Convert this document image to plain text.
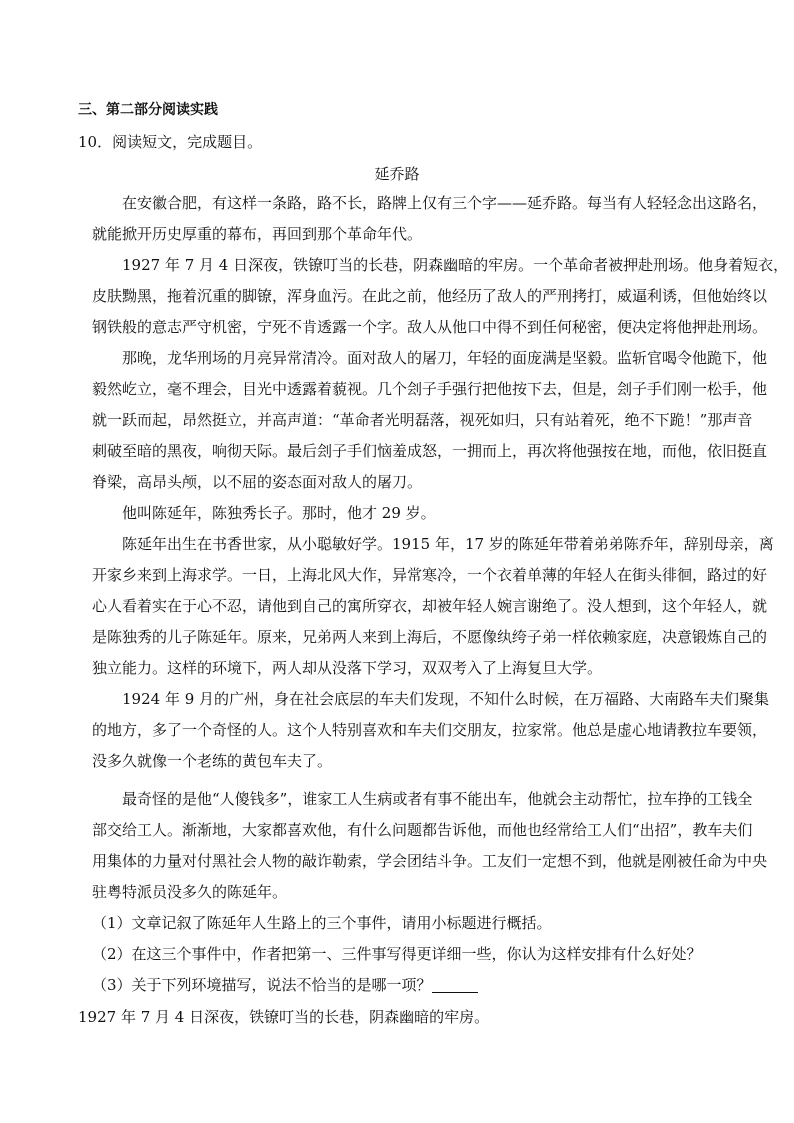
三、第二部分阅读实践

10．阅读短文，完成题目。

延乔路

在安徽合肥，有这样一条路，路不长，路牌上仅有三个字——延乔路。每当有人轻轻念出这路名，
就能掀开历史厚重的幕布，再回到那个革命年代。
1927 年 7 月 4 日深夜，铁镣叮当的长巷，阴森幽暗的牢房。一个革命者被押赴刑场。他身着短衣，
皮肤黝黑，拖着沉重的脚镣，浑身血污。在此之前，他经历了敌人的严刑拷打，威逼利诱，但他始终以
钢铁般的意志严守机密，宁死不肯透露一个字。敌人从他口中得不到任何秘密，便决定将他押赴刑场。
那晚，龙华刑场的月亮异常清冷。面对敌人的屠刀，年轻的面庞满是坚毅。监斩官喝令他跪下，他
毅然屹立，毫不理会，目光中透露着藐视。几个刽子手强行把他按下去，但是，刽子手们刚一松手，他
就一跃而起，昂然挺立，并高声道：“革命者光明磊落，视死如归，只有站着死，绝不下跪！”那声音
刺破至暗的黑夜，响彻天际。最后刽子手们恼羞成怒，一拥而上，再次将他强按在地，而他，依旧挺直
脊梁，高昂头颅，以不屈的姿态面对敌人的屠刀。
他叫陈延年，陈独秀长子。那时，他才 29 岁。
陈延年出生在书香世家，从小聪敏好学。1915 年，17 岁的陈延年带着弟弟陈乔年，辞别母亲，离
开家乡来到上海求学。一日，上海北风大作，异常寒冷，一个衣着单薄的年轻人在街头徘徊，路过的好
心人看着实在于心不忍，请他到自己的寓所穿衣，却被年轻人婉言谢绝了。没人想到，这个年轻人，就
是陈独秀的儿子陈延年。原来，兄弟两人来到上海后，不愿像纨绔子弟一样依赖家庭，决意锻炼自己的
独立能力。这样的环境下，两人却从没落下学习，双双考入了上海复旦大学。
1924 年 9 月的广州，身在社会底层的车夫们发现，不知什么时候，在万福路、大南路车夫们聚集
的地方，多了一个奇怪的人。这个人特别喜欢和车夫们交朋友，拉家常。他总是虚心地请教拉车要领，
没多久就像一个老练的黄包车夫了。
最奇怪的是他“人傻钱多”，谁家工人生病或者有事不能出车，他就会主动帮忙，拉车挣的工钱全
部交给工人。渐渐地，大家都喜欢他，有什么问题都告诉他，而他也经常给工人们“出招”，教车夫们
用集体的力量对付黑社会人物的敲诈勒索，学会团结斗争。工友们一定想不到，他就是刚被任命为中央
驻粤特派员没多久的陈延年。

（1）文章记叙了陈延年人生路上的三个事件，请用小标题进行概括。

（2）在这三个事件中，作者把第一、三件事写得更详细一些，你认为这样安排有什么好处？

（3）关于下列环境描写，说法不恰当的是哪一项？

1927 年 7 月 4 日深夜，铁镣叮当的长巷，阴森幽暗的牢房。
